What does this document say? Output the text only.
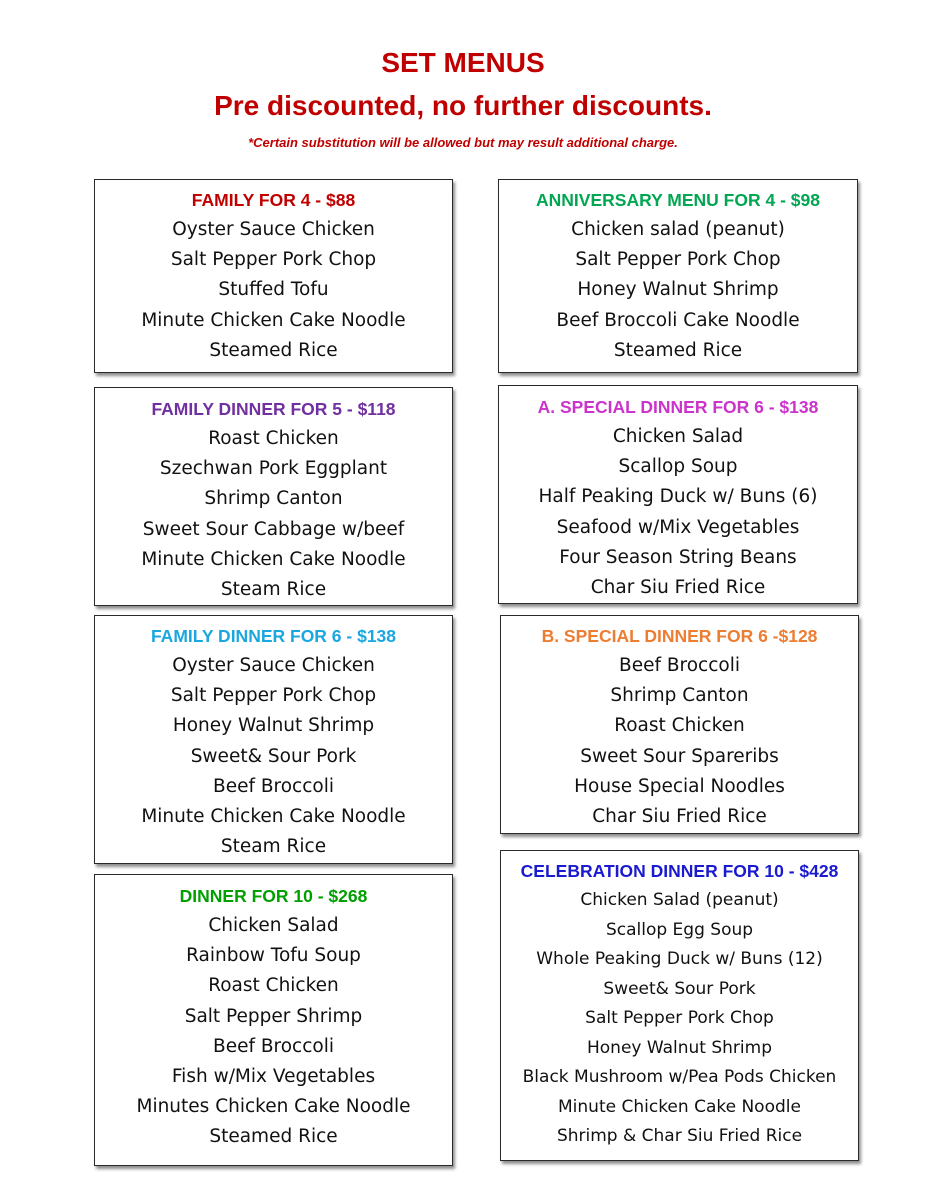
SET MENUS
Pre discounted, no further discounts.
*Certain substitution will be allowed but may result additional charge.
FAMILY FOR 4 - $88
Oyster Sauce Chicken
Salt Pepper Pork Chop
Stuffed Tofu
Minute Chicken Cake Noodle
Steamed Rice
FAMILY DINNER FOR 5 - $118
Roast Chicken
Szechwan Pork Eggplant
Shrimp Canton
Sweet Sour Cabbage w/beef
Minute Chicken Cake Noodle
Steam Rice
FAMILY DINNER FOR 6 - $138
Oyster Sauce Chicken
Salt Pepper Pork Chop
Honey Walnut Shrimp
Sweet& Sour Pork
Beef Broccoli
Minute Chicken Cake Noodle
Steam Rice
DINNER FOR 10 - $268
Chicken Salad
Rainbow Tofu Soup
Roast Chicken
Salt Pepper Shrimp
Beef Broccoli
Fish w/Mix Vegetables
Minutes Chicken Cake Noodle
Steamed Rice
ANNIVERSARY MENU FOR 4 - $98
Chicken salad (peanut)
Salt Pepper Pork Chop
Honey Walnut Shrimp
Beef Broccoli Cake Noodle
Steamed Rice
A. SPECIAL DINNER FOR 6 - $138
Chicken Salad
Scallop Soup
Half Peaking Duck w/ Buns (6)
Seafood w/Mix Vegetables
Four Season String Beans
Char Siu Fried Rice
B. SPECIAL DINNER FOR 6 -$128
Beef Broccoli
Shrimp Canton
Roast Chicken
Sweet Sour Spareribs
House Special Noodles
Char Siu Fried Rice
CELEBRATION DINNER FOR 10 - $428
Chicken Salad (peanut)
Scallop Egg Soup
Whole Peaking Duck w/ Buns (12)
Sweet& Sour Pork
Salt Pepper Pork Chop
Honey Walnut Shrimp
Black Mushroom w/Pea Pods Chicken
Minute Chicken Cake Noodle
Shrimp & Char Siu Fried Rice
